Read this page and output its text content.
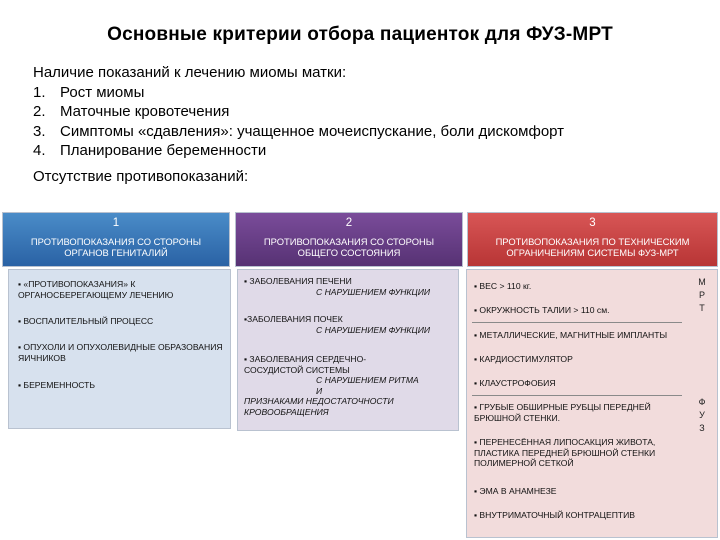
Основные критерии отбора пациенток для ФУЗ-МРТ
Наличие показаний к лечению миомы матки:
1. Рост миомы
2. Маточные кровотечения
3. Симптомы «сдавления»: учащенное мочеиспускание, боли дискомфорт
4. Планирование беременности
Отсутствие противопоказаний:
1
ПРОТИВОПОКАЗАНИЯ СО СТОРОНЫ ОРГАНОВ ГЕНИТАЛИЙ
2
ПРОТИВОПОКАЗАНИЯ СО СТОРОНЫ ОБЩЕГО СОСТОЯНИЯ
3
ПРОТИВОПОКАЗАНИЯ ПО ТЕХНИЧЕСКИМ ОГРАНИЧЕНИЯМ СИСТЕМЫ ФУЗ-МРТ
▪ «ПРОТИВОПОКАЗАНИЯ» К ОРГАНОСБЕРЕГАЮЩЕМУ ЛЕЧЕНИЮ
▪ ВОСПАЛИТЕЛЬНЫЙ ПРОЦЕСС
▪ ОПУХОЛИ И ОПУХОЛЕВИДНЫЕ ОБРАЗОВАНИЯ ЯИЧНИКОВ
▪ БЕРЕМЕННОСТЬ
▪ ЗАБОЛЕВАНИЯ ПЕЧЕНИ
С НАРУШЕНИЕМ ФУНКЦИИ
▪ЗАБОЛЕВАНИЯ ПОЧЕК
С НАРУШЕНИЕМ ФУНКЦИИ
▪ ЗАБОЛЕВАНИЯ СЕРДЕЧНО-СОСУДИСТОЙ СИСТЕМЫ
С НАРУШЕНИЕМ РИТМА И
ПРИЗНАКАМИ НЕДОСТАТОЧНОСТИ КРОВООБРАЩЕНИЯ
▪ ВЕС > 110 кг.
▪ ОКРУЖНОСТЬ ТАЛИИ > 110 см.
▪ МЕТАЛЛИЧЕСКИЕ, МАГНИТНЫЕ ИМПЛАНТЫ
▪ КАРДИОСТИМУЛЯТОР
▪ КЛАУСТРОФОБИЯ
▪ ГРУБЫЕ ОБШИРНЫЕ РУБЦЫ ПЕРЕДНЕЙ БРЮШНОЙ СТЕНКИ.
▪ ПЕРЕНЕСЁННАЯ ЛИПОСАКЦИЯ ЖИВОТА, ПЛАСТИКА ПЕРЕДНЕЙ БРЮШНОЙ СТЕНКИ ПОЛИМЕРНОЙ СЕТКОЙ
▪ ЭМА В АНАМНЕЗЕ
▪ ВНУТРИМАТОЧНЫЙ КОНТРАЦЕПТИВ
М
Р
Т
Ф
У
З
